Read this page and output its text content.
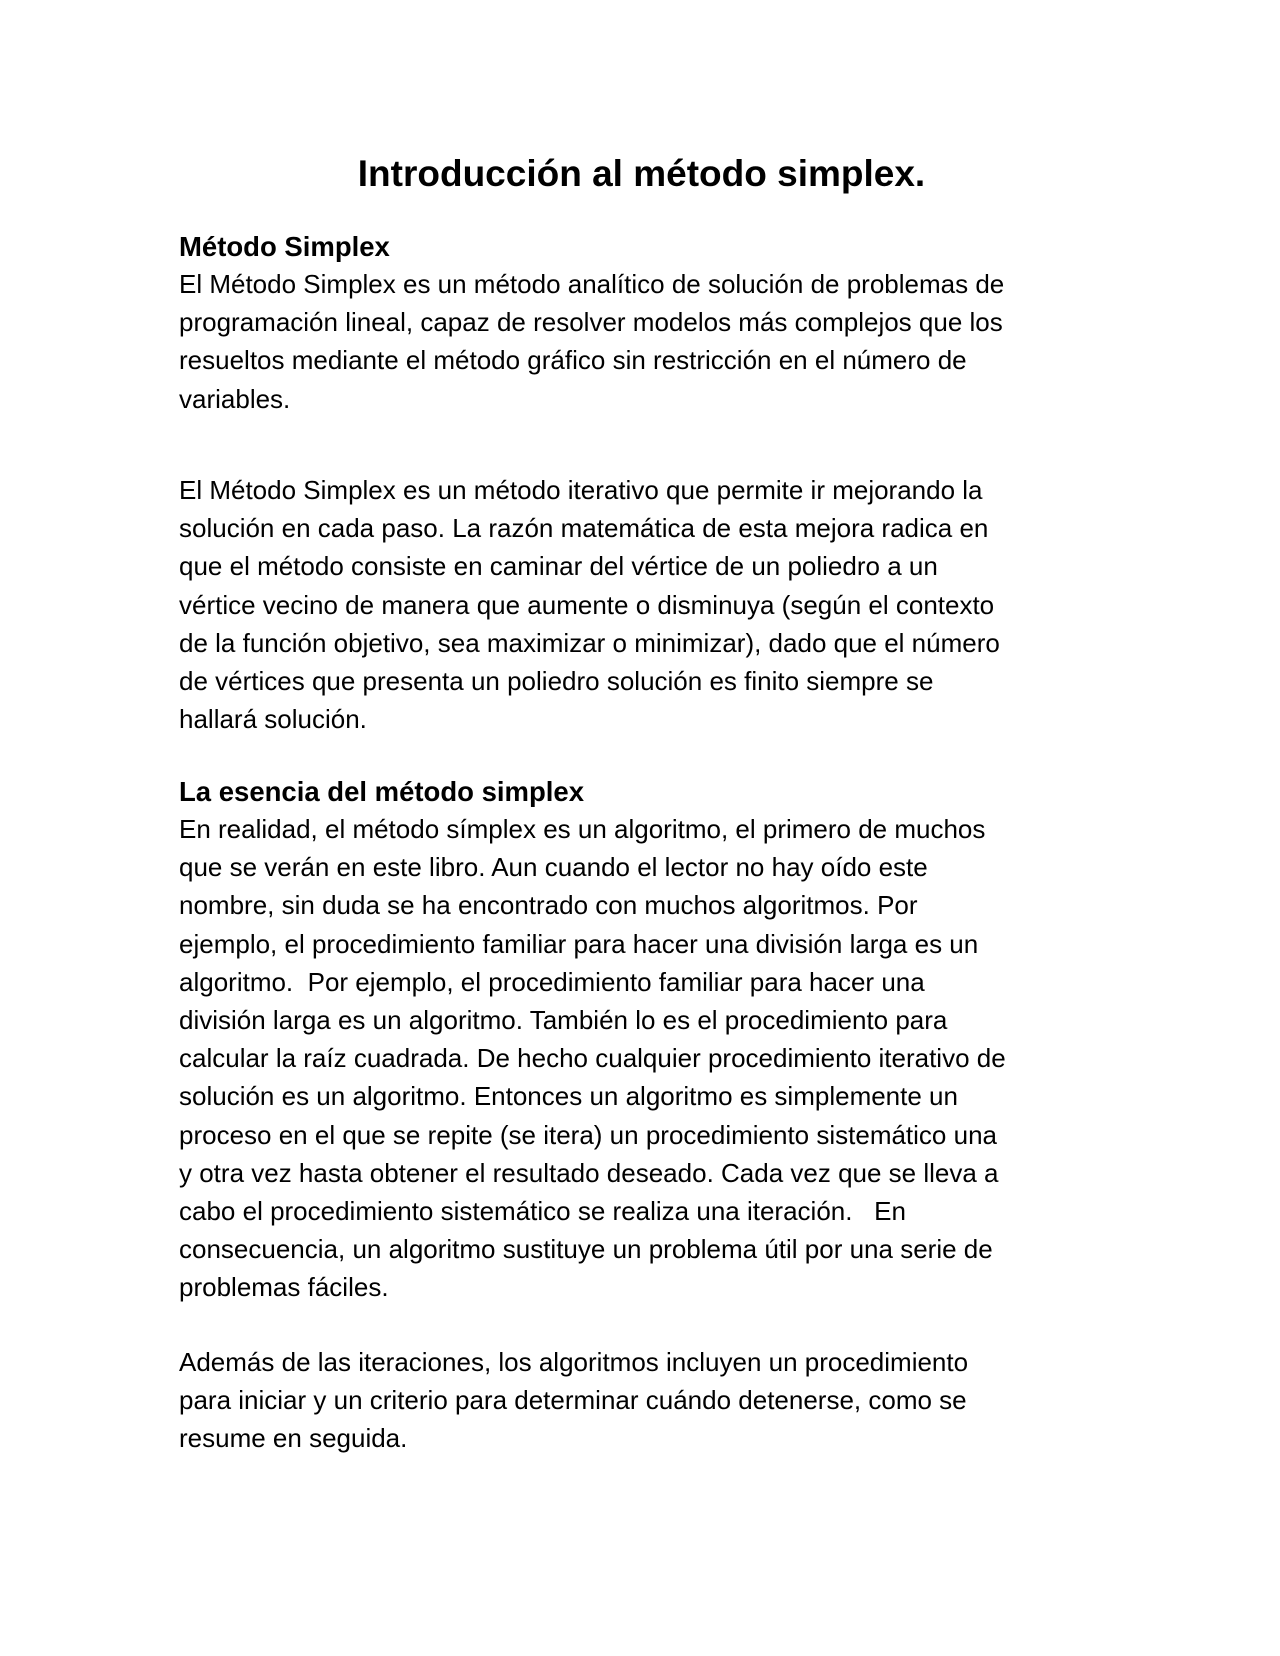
Introducción al método simplex.
Método Simplex

El Método Simplex es un método analítico de solución de problemas de
programación lineal, capaz de resolver modelos más complejos que los
resueltos mediante el método gráfico sin restricción en el número de
variables.

El Método Simplex es un método iterativo que permite ir mejorando la
solución en cada paso. La razón matemática de esta mejora radica en
que el método consiste en caminar del vértice de un poliedro a un
vértice vecino de manera que aumente o disminuya (según el contexto
de la función objetivo, sea maximizar o minimizar), dado que el número
de vértices que presenta un poliedro solución es finito siempre se
hallará solución.

La esencia del método simplex

En realidad, el método símplex es un algoritmo, el primero de muchos
que se verán en este libro. Aun cuando el lector no hay oído este
nombre, sin duda se ha encontrado con muchos algoritmos. Por
ejemplo, el procedimiento familiar para hacer una división larga es un
algoritmo.  Por ejemplo, el procedimiento familiar para hacer una
división larga es un algoritmo. También lo es el procedimiento para
calcular la raíz cuadrada. De hecho cualquier procedimiento iterativo de
solución es un algoritmo. Entonces un algoritmo es simplemente un
proceso en el que se repite (se itera) un procedimiento sistemático una
y otra vez hasta obtener el resultado deseado. Cada vez que se lleva a
cabo el procedimiento sistemático se realiza una iteración.   En
consecuencia, un algoritmo sustituye un problema útil por una serie de
problemas fáciles.

Además de las iteraciones, los algoritmos incluyen un procedimiento
para iniciar y un criterio para determinar cuándo detenerse, como se
resume en seguida.
